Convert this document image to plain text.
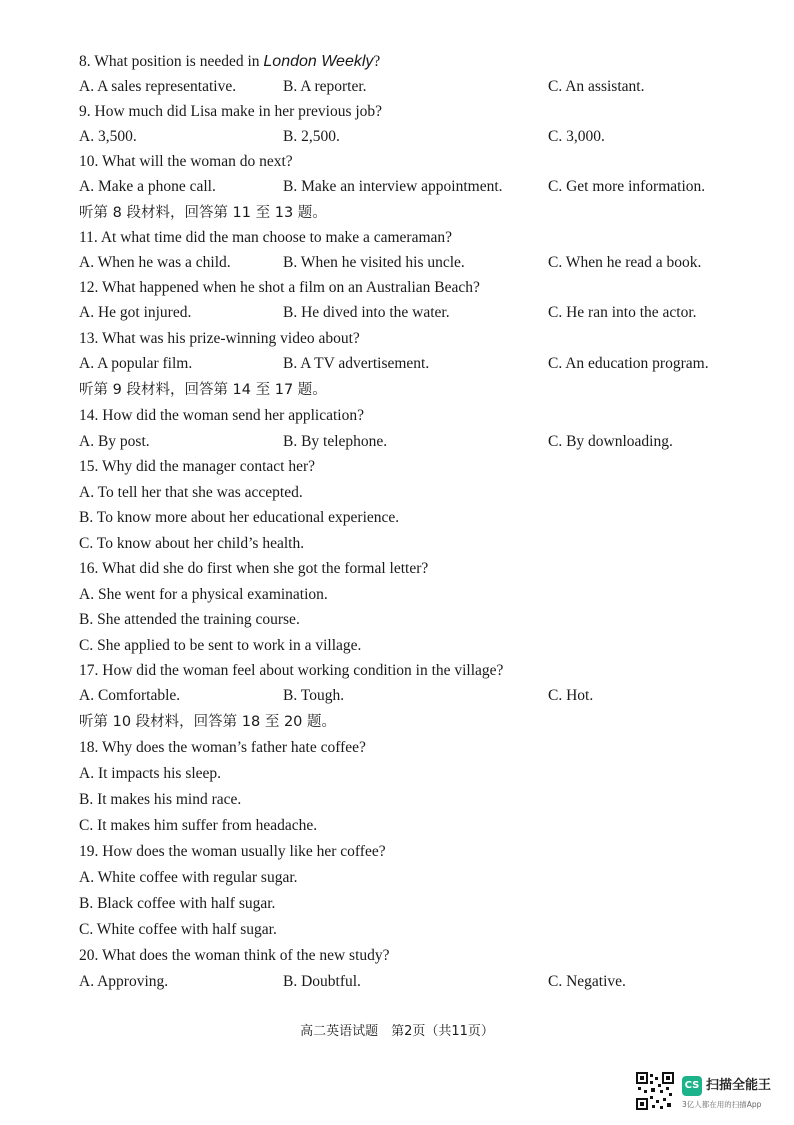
8. What position is needed in London Weekly?
A. A sales representative.	B. A reporter.	C. An assistant.
9. How much did Lisa make in her previous job?
A. 3,500.	B. 2,500.	C. 3,000.
10. What will the woman do next?
A. Make a phone call.	B. Make an interview appointment.	C. Get more information.
听第 8 段材料，回答第 11 至 13 题。
11. At what time did the man choose to make a cameraman?
A. When he was a child.	B. When he visited his uncle.	C. When he read a book.
12. What happened when he shot a film on an Australian Beach?
A. He got injured.	B. He dived into the water.	C. He ran into the actor.
13. What was his prize-winning video about?
A. A popular film.	B. A TV advertisement.	C. An education program.
听第 9 段材料，回答第 14 至 17 题。
14. How did the woman send her application?
A. By post.	B. By telephone.	C. By downloading.
15. Why did the manager contact her?
A. To tell her that she was accepted.
B. To know more about her educational experience.
C. To know about her child’s health.
16. What did she do first when she got the formal letter?
A. She went for a physical examination.
B. She attended the training course.
C. She applied to be sent to work in a village.
17. How did the woman feel about working condition in the village?
A. Comfortable.	B. Tough.	C. Hot.
听第 10 段材料，回答第 18 至 20 题。
18. Why does the woman’s father hate coffee?
A. It impacts his sleep.
B. It makes his mind race.
C. It makes him suffer from headache.
19. How does the woman usually like her coffee?
A. White coffee with regular sugar.
B. Black coffee with half sugar.
C. White coffee with half sugar.
20. What does the woman think of the new study?
A. Approving.	B. Doubtful.	C. Negative.
高二英语试题　第2页（共11页）
CS 扫描全能王
3亿人都在用的扫描App
